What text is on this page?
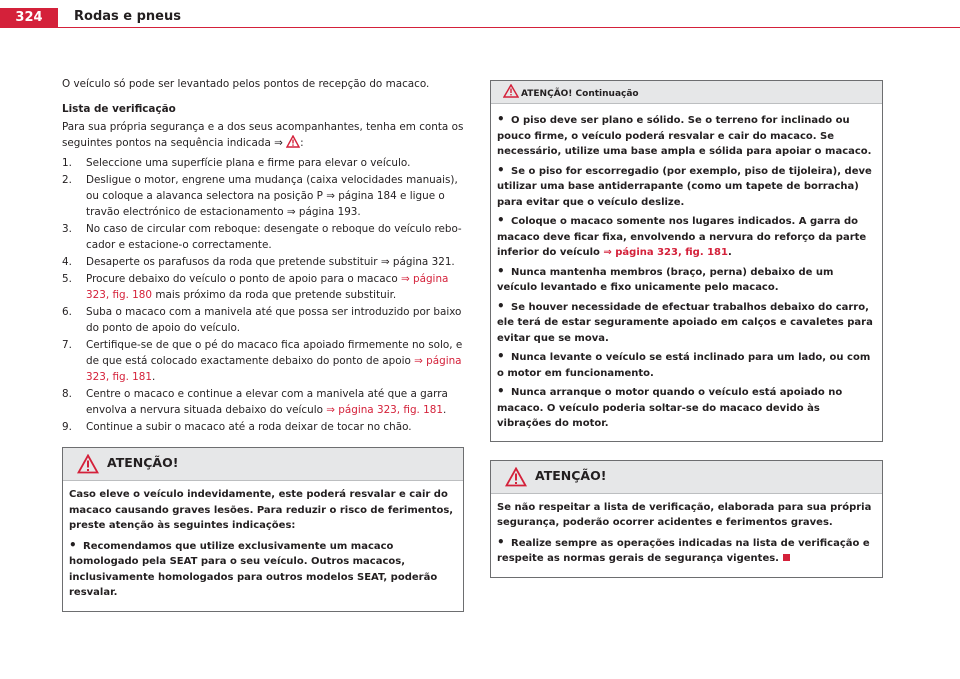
324	Rodas e pneus

O veículo só pode ser levantado pelos pontos de recepção do macaco.

Lista de verificação

Para sua própria segurança e a dos seus acompanhantes, tenha em conta os seguintes pontos na sequência indicada ⇒ :

1. Seleccione uma superfície plana e firme para elevar o veículo.
2. Desligue o motor, engrene uma mudança (caixa velocidades manuais), ou coloque a alavanca selectora na posição P ⇒ página 184 e ligue o travão electrónico de estacionamento ⇒ página 193.
3. No caso de circular com reboque: desengate o reboque do veículo rebocador e estacione-o correctamente.
4. Desaperte os parafusos da roda que pretende substituir ⇒ página 321.
5. Procure debaixo do veículo o ponto de apoio para o macaco ⇒ página 323, fig. 180 mais próximo da roda que pretende substituir.
6. Suba o macaco com a manivela até que possa ser introduzido por baixo do ponto de apoio do veículo.
7. Certifique-se de que o pé do macaco fica apoiado firmemente no solo, e de que está colocado exactamente debaixo do ponto de apoio ⇒ página 323, fig. 181.
8. Centre o macaco e continue a elevar com a manivela até que a garra envolva a nervura situada debaixo do veículo ⇒ página 323, fig. 181.
9. Continue a subir o macaco até a roda deixar de tocar no chão.
ATENÇÃO!

Caso eleve o veículo indevidamente, este poderá resvalar e cair do macaco causando graves lesões. Para reduzir o risco de ferimentos, preste atenção às seguintes indicações:

• Recomendamos que utilize exclusivamente um macaco homologado pela SEAT para o seu veículo. Outros macacos, inclusivamente homologados para outros modelos SEAT, poderão resvalar.

ATENÇÃO! Continuação

• O piso deve ser plano e sólido. Se o terreno for inclinado ou pouco firme, o veículo poderá resvalar e cair do macaco. Se necessário, utilize uma base ampla e sólida para apoiar o macaco.

• Se o piso for escorregadio (por exemplo, piso de tijoleira), deve utilizar uma base antiderrapante (como um tapete de borracha) para evitar que o veículo deslize.

• Coloque o macaco somente nos lugares indicados. A garra do macaco deve ficar fixa, envolvendo a nervura do reforço da parte inferior do veículo ⇒ página 323, fig. 181.

• Nunca mantenha membros (braço, perna) debaixo de um veículo levantado e fixo unicamente pelo macaco.

• Se houver necessidade de efectuar trabalhos debaixo do carro, ele terá de estar seguramente apoiado em calços e cavaletes para evitar que se mova.

• Nunca levante o veículo se está inclinado para um lado, ou com o motor em funcionamento.

• Nunca arranque o motor quando o veículo está apoiado no macaco. O veículo poderia soltar-se do macaco devido às vibrações do motor.

ATENÇÃO!

Se não respeitar a lista de verificação, elaborada para sua própria segurança, poderão ocorrer acidentes e ferimentos graves.

• Realize sempre as operações indicadas na lista de verificação e respeite as normas gerais de segurança vigentes.
